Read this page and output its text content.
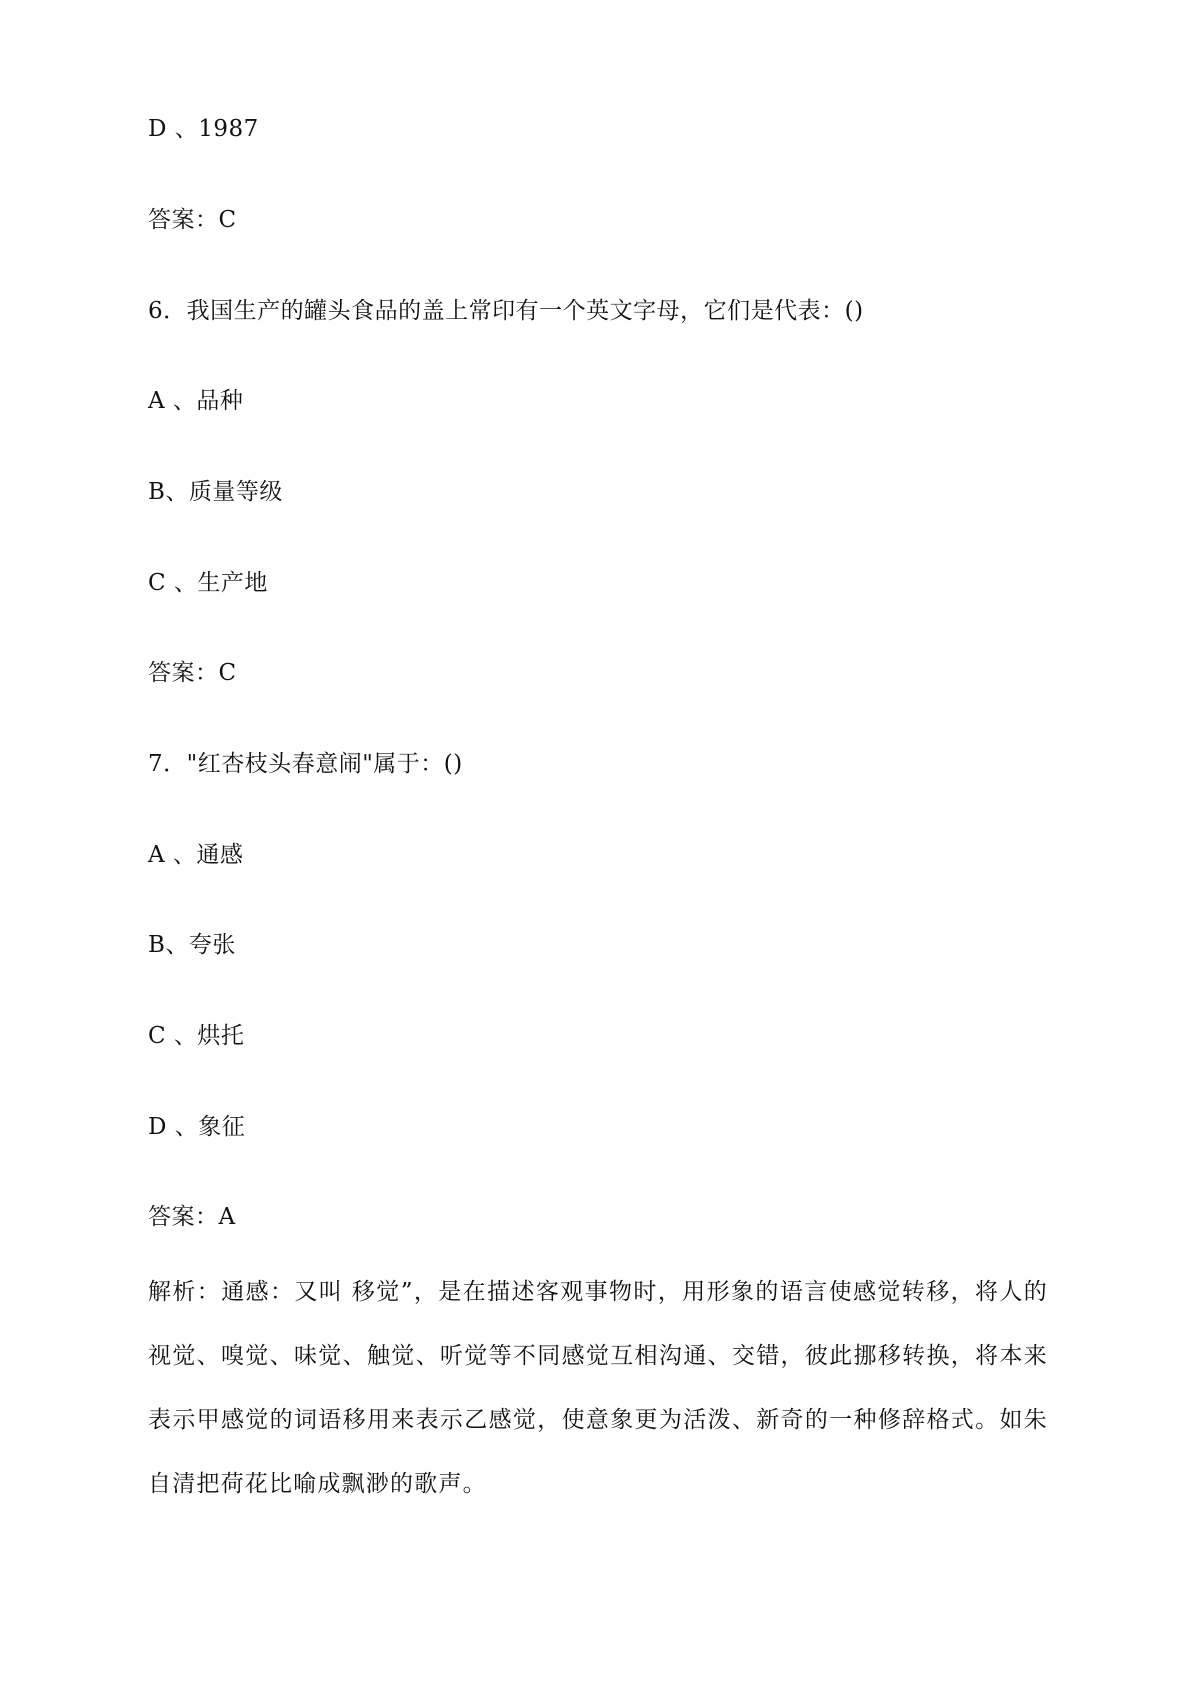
D 、1987
答案：C
6．我国生产的罐头食品的盖上常印有一个英文字母，它们是代表：()
A 、品种
B、质量等级
C 、生产地
答案：C
7．"红杏枝头春意闹"属于：()
A 、通感
B、夸张
C 、烘托
D 、象征
答案：A
解析：通感：又叫 移觉”，是在描述客观事物时，用形象的语言使感觉转移，将人的视觉、嗅觉、味觉、触觉、听觉等不同感觉互相沟通、交错，彼此挪移转换，将本来表示甲感觉的词语移用来表示乙感觉，使意象更为活泼、新奇的一种修辞格式。如朱自清把荷花比喻成飘渺的歌声。
